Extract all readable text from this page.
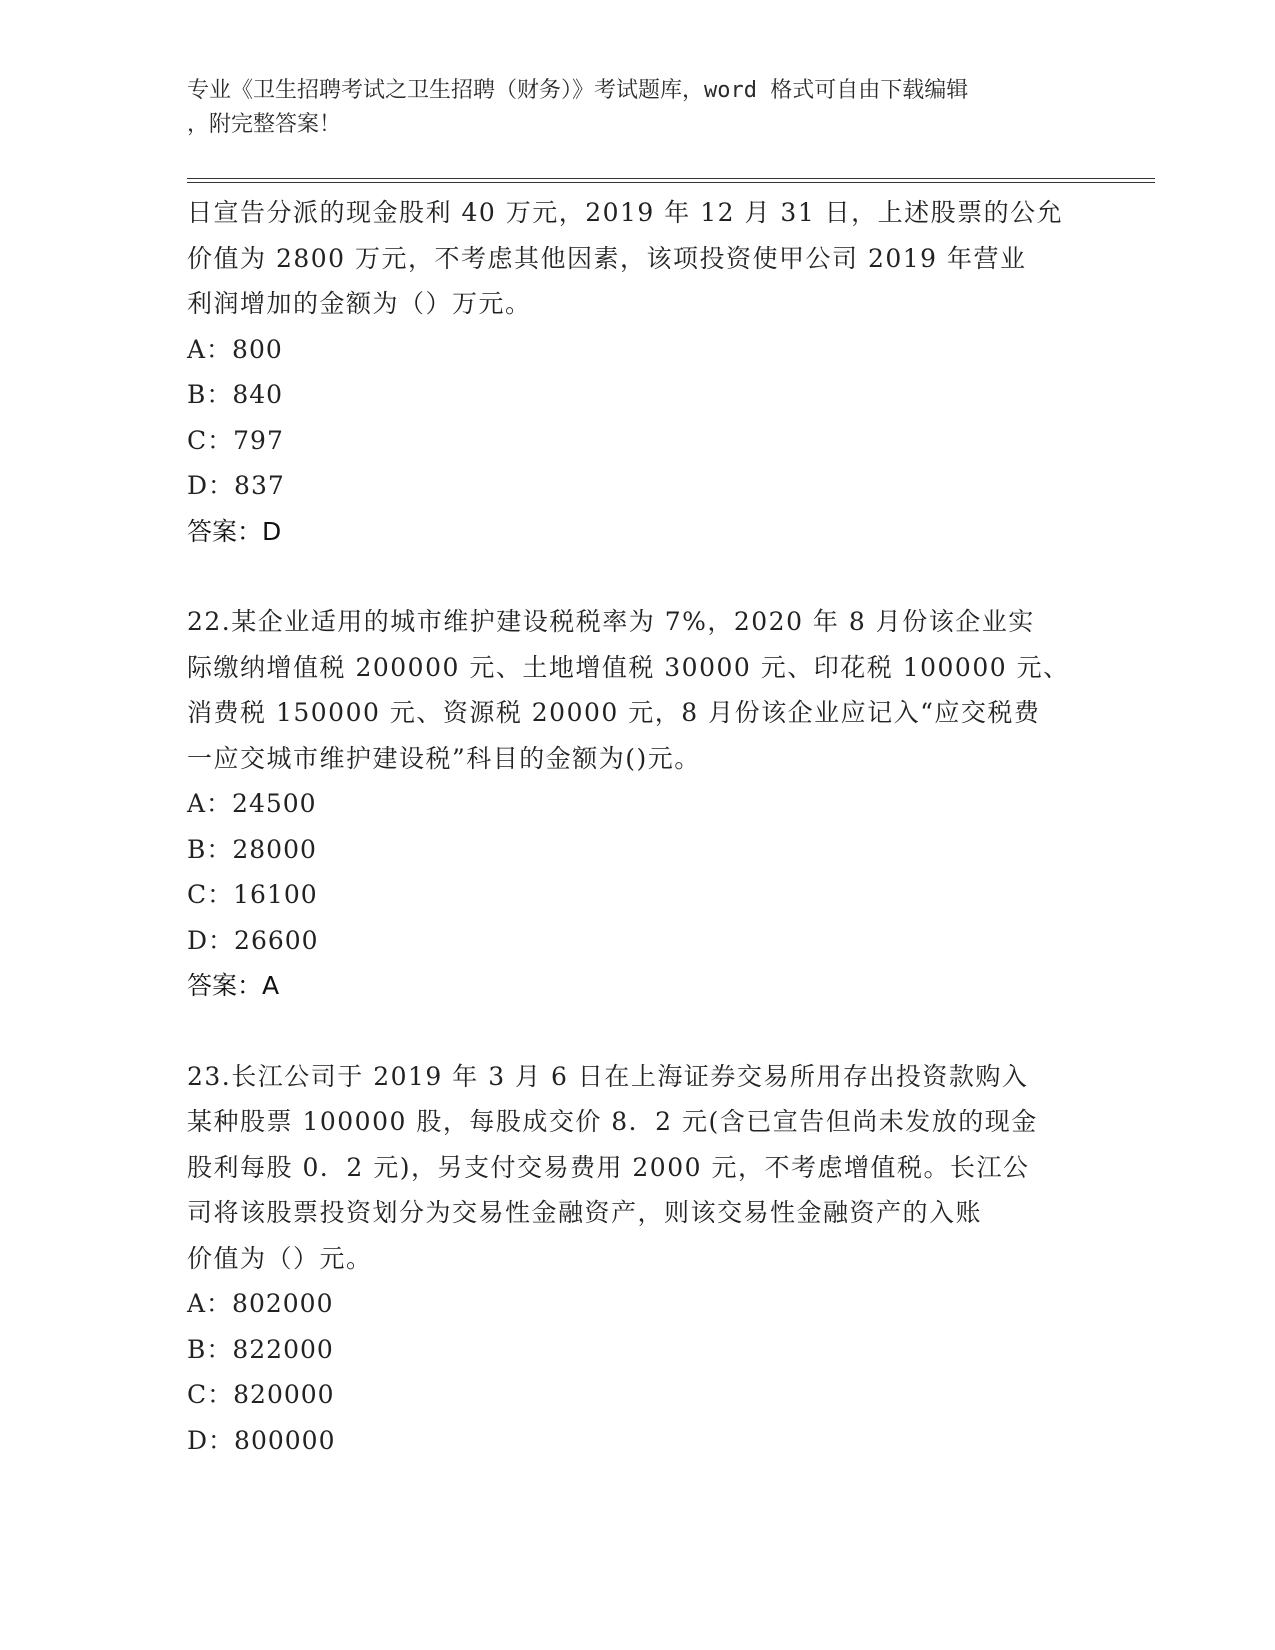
专业《卫生招聘考试之卫生招聘（财务）》考试题库，word 格式可自由下载编辑
，附完整答案！

日宣告分派的现金股利 40 万元，2019 年 12 月 31 日，上述股票的公允

价值为 2800 万元，不考虑其他因素，该项投资使甲公司 2019 年营业

利润增加的金额为（）万元。

A：800

B：840

C：797

D：837

答案：D

22.某企业适用的城市维护建设税税率为 7%，2020 年 8 月份该企业实

际缴纳增值税 200000 元、土地增值税 30000 元、印花税 100000 元、

消费税 150000 元、资源税 20000 元，8 月份该企业应记入“应交税费

一应交城市维护建设税”科目的金额为()元。

A：24500

B：28000

C：16100

D：26600

答案：A

23.长江公司于 2019 年 3 月 6 日在上海证券交易所用存出投资款购入

某种股票 100000 股，每股成交价 8．2 元(含已宣告但尚未发放的现金

股利每股 0．2 元)，另支付交易费用 2000 元，不考虑增值税。长江公

司将该股票投资划分为交易性金融资产，则该交易性金融资产的入账

价值为（）元。

A：802000

B：822000

C：820000

D：800000
